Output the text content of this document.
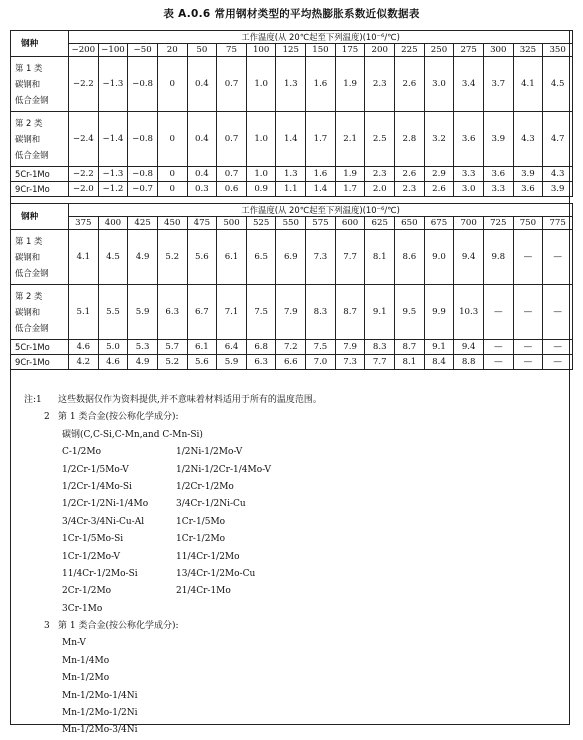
表 A.0.6 常用钢材类型的平均热膨胀系数近似数据表
钢种	工作温度(从 20℃起至下列温度)(10⁻⁶/℃)																
	−200	−100	−50	20	50	75	100	125	150	175	200	225	250	275	300	325	350

第 1 类
碳钢和
低合金钢	−2.2	−1.3	−0.8	0	0.4	0.7	1.0	1.3	1.6	1.9	2.3	2.6	3.0	3.4	3.7	4.1	4.5

第 2 类
碳钢和
低合金钢	−2.4	−1.4	−0.8	0	0.4	0.7	1.0	1.4	1.7	2.1	2.5	2.8	3.2	3.6	3.9	4.3	4.7

5Cr-1Mo	−2.2	−1.3	−0.8	0	0.4	0.7	1.0	1.3	1.6	1.9	2.3	2.6	2.9	3.3	3.6	3.9	4.3

9Cr-1Mo	−2.0	−1.2	−0.7	0	0.3	0.6	0.9	1.1	1.4	1.7	2.0	2.3	2.6	3.0	3.3	3.6	3.9
钢种	工作温度(从 20℃起至下列温度)(10⁻⁶/℃)																
	375	400	425	450	475	500	525	550	575	600	625	650	675	700	725	750	775

第 1 类
碳钢和
低合金钢	4.1	4.5	4.9	5.2	5.6	6.1	6.5	6.9	7.3	7.7	8.1	8.6	9.0	9.4	9.8	—	—

第 2 类
碳钢和
低合金钢	5.1	5.5	5.9	6.3	6.7	7.1	7.5	7.9	8.3	8.7	9.1	9.5	9.9	10.3	—	—	—

5Cr-1Mo	4.6	5.0	5.3	5.7	6.1	6.4	6.8	7.2	7.5	7.9	8.3	8.7	9.1	9.4	—	—	—

9Cr-1Mo	4.2	4.6	4.9	5.2	5.6	5.9	6.3	6.6	7.0	7.3	7.7	8.1	8.4	8.8	—	—	—
注:1 这些数据仅作为资料提供,并不意味着材料适用于所有的温度范围。
2 第 1 类合金(按公称化学成分):
碳钢(C,C-Si,C-Mn,and C-Mn-Si)
C-1/2Mo	1/2Ni-1/2Mo-V
1/2Cr-1/5Mo-V	1/2Ni-1/2Cr-1/4Mo-V
1/2Cr-1/4Mo-Si	1/2Cr-1/2Mo
1/2Cr-1/2Ni-1/4Mo	3/4Cr-1/2Ni-Cu
3/4Cr-3/4Ni-Cu-Al	1Cr-1/5Mo
1Cr-1/5Mo-Si	1Cr-1/2Mo
1Cr-1/2Mo-V	11/4Cr-1/2Mo
11/4Cr-1/2Mo-Si	13/4Cr-1/2Mo-Cu
2Cr-1/2Mo	21/4Cr-1Mo
3Cr-1Mo
3 第 1 类合金(按公称化学成分):
Mn-V
Mn-1/4Mo
Mn-1/2Mo
Mn-1/2Mo-1/4Ni
Mn-1/2Mo-1/2Ni
Mn-1/2Mo-3/4Ni
